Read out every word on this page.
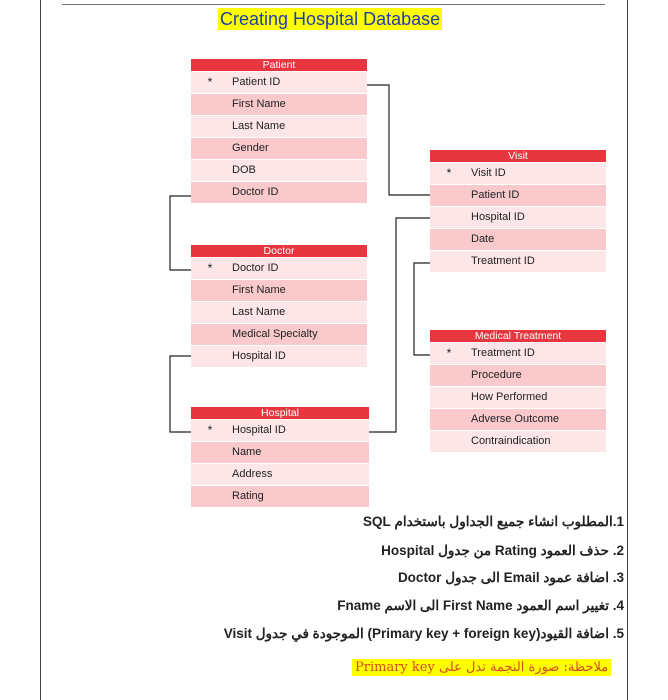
Creating Hospital Database
Patient
* Patient ID
First Name
Last Name
Gender
DOB
Doctor ID
Visit
* Visit ID
Patient ID
Hospital ID
Date
Treatment ID
Doctor
* Doctor ID
First Name
Last Name
Medical Specialty
Hospital ID
Medical Treatment
* Treatment ID
Procedure
How Performed
Adverse Outcome
Contraindication
Hospital
* Hospital ID
Name
Address
Rating
1.المطلوب انشاء جميع الجداول باستخدام SQL
2. حذف العمود Rating من جدول Hospital
3. اضافة عمود Email الى جدول Doctor
4. تغيير اسم العمود First Name الى الاسم Fname
5. اضافة القيود(Primary key + foreign key) الموجودة في جدول Visit
ملاحظة: صورة النجمة تدل على Primary key
